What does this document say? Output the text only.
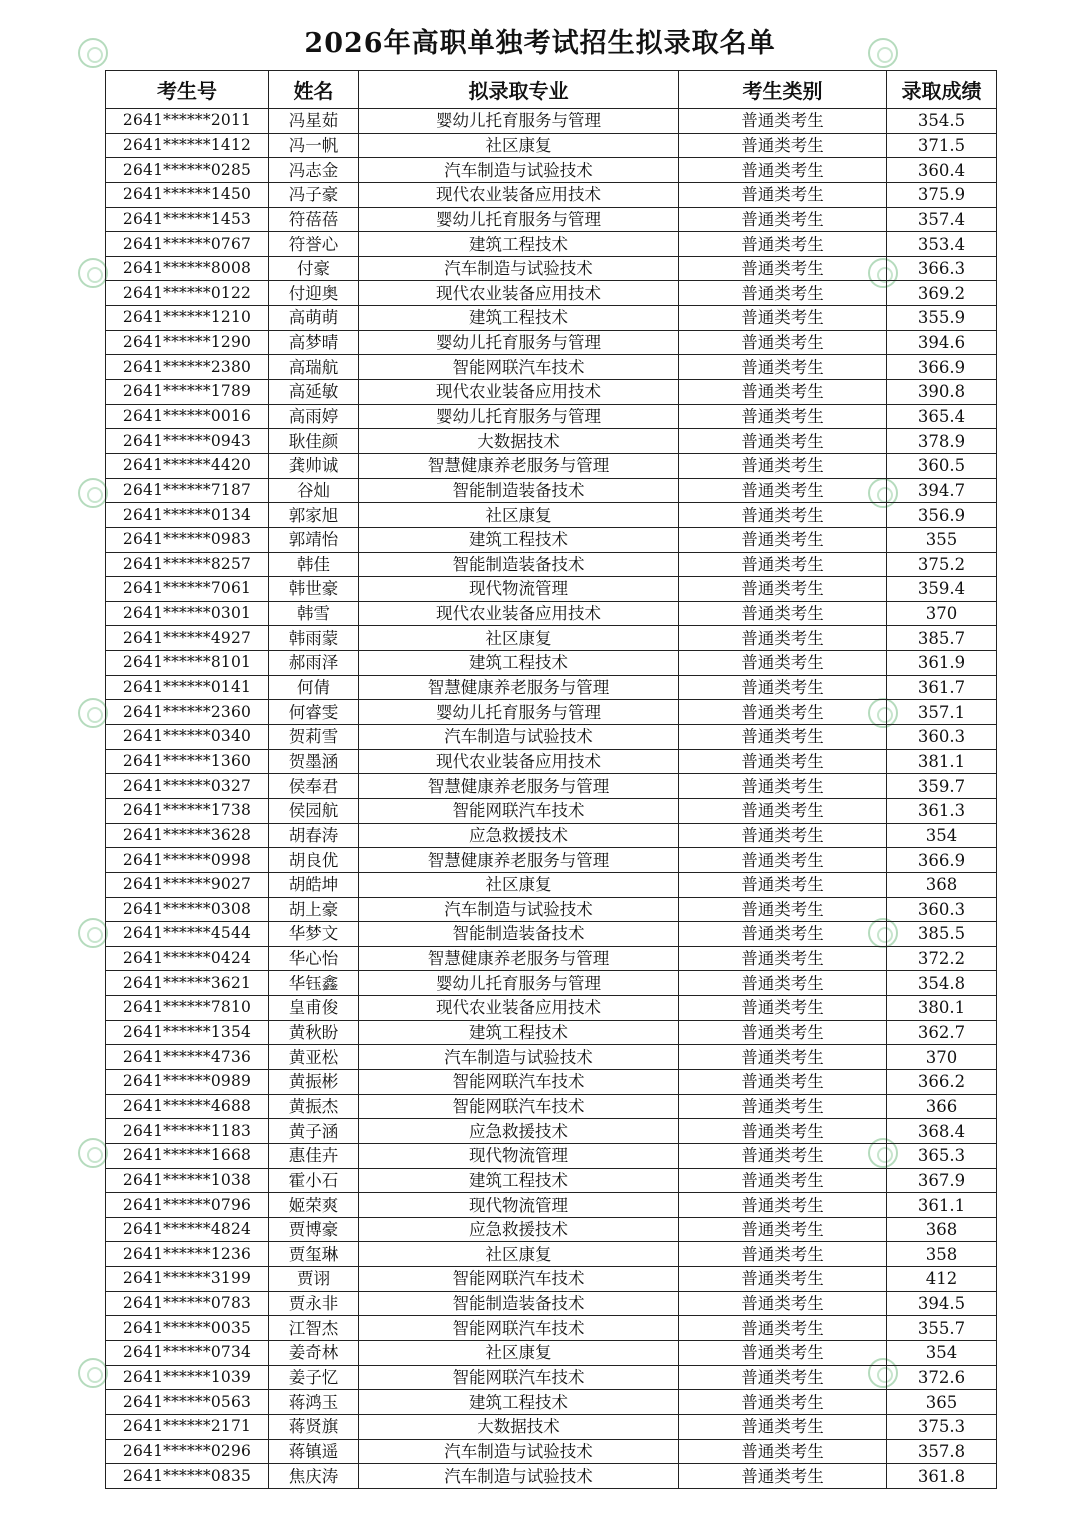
2026年高职单独考试招生拟录取名单
考生号	姓名	拟录取专业	考生类别	录取成绩
2641******2011	冯星茹	婴幼儿托育服务与管理	普通类考生	354.5
2641******1412	冯一帆	社区康复	普通类考生	371.5
2641******0285	冯志金	汽车制造与试验技术	普通类考生	360.4
2641******1450	冯子豪	现代农业装备应用技术	普通类考生	375.9
2641******1453	符蓓蓓	婴幼儿托育服务与管理	普通类考生	357.4
2641******0767	符誉心	建筑工程技术	普通类考生	353.4
2641******8008	付豪	汽车制造与试验技术	普通类考生	366.3
2641******0122	付迎奥	现代农业装备应用技术	普通类考生	369.2
2641******1210	高萌萌	建筑工程技术	普通类考生	355.9
2641******1290	高梦晴	婴幼儿托育服务与管理	普通类考生	394.6
2641******2380	高瑞航	智能网联汽车技术	普通类考生	366.9
2641******1789	高延敏	现代农业装备应用技术	普通类考生	390.8
2641******0016	高雨婷	婴幼儿托育服务与管理	普通类考生	365.4
2641******0943	耿佳颜	大数据技术	普通类考生	378.9
2641******4420	龚帅诚	智慧健康养老服务与管理	普通类考生	360.5
2641******7187	谷灿	智能制造装备技术	普通类考生	394.7
2641******0134	郭家旭	社区康复	普通类考生	356.9
2641******0983	郭靖怡	建筑工程技术	普通类考生	355
2641******8257	韩佳	智能制造装备技术	普通类考生	375.2
2641******7061	韩世豪	现代物流管理	普通类考生	359.4
2641******0301	韩雪	现代农业装备应用技术	普通类考生	370
2641******4927	韩雨蒙	社区康复	普通类考生	385.7
2641******8101	郝雨泽	建筑工程技术	普通类考生	361.9
2641******0141	何倩	智慧健康养老服务与管理	普通类考生	361.7
2641******2360	何睿雯	婴幼儿托育服务与管理	普通类考生	357.1
2641******0340	贺莉雪	汽车制造与试验技术	普通类考生	360.3
2641******1360	贺墨涵	现代农业装备应用技术	普通类考生	381.1
2641******0327	侯奉君	智慧健康养老服务与管理	普通类考生	359.7
2641******1738	侯园航	智能网联汽车技术	普通类考生	361.3
2641******3628	胡春涛	应急救援技术	普通类考生	354
2641******0998	胡良优	智慧健康养老服务与管理	普通类考生	366.9
2641******9027	胡皓坤	社区康复	普通类考生	368
2641******0308	胡上豪	汽车制造与试验技术	普通类考生	360.3
2641******4544	华梦文	智能制造装备技术	普通类考生	385.5
2641******0424	华心怡	智慧健康养老服务与管理	普通类考生	372.2
2641******3621	华钰鑫	婴幼儿托育服务与管理	普通类考生	354.8
2641******7810	皇甫俊	现代农业装备应用技术	普通类考生	380.1
2641******1354	黄秋盼	建筑工程技术	普通类考生	362.7
2641******4736	黄亚松	汽车制造与试验技术	普通类考生	370
2641******0989	黄振彬	智能网联汽车技术	普通类考生	366.2
2641******4688	黄振杰	智能网联汽车技术	普通类考生	366
2641******1183	黄子涵	应急救援技术	普通类考生	368.4
2641******1668	惠佳卉	现代物流管理	普通类考生	365.3
2641******1038	霍小石	建筑工程技术	普通类考生	367.9
2641******0796	姬荣爽	现代物流管理	普通类考生	361.1
2641******4824	贾博豪	应急救援技术	普通类考生	368
2641******1236	贾玺琳	社区康复	普通类考生	358
2641******3199	贾诩	智能网联汽车技术	普通类考生	412
2641******0783	贾永非	智能制造装备技术	普通类考生	394.5
2641******0035	江智杰	智能网联汽车技术	普通类考生	355.7
2641******0734	姜奇林	社区康复	普通类考生	354
2641******1039	姜子忆	智能网联汽车技术	普通类考生	372.6
2641******0563	蒋鸿玉	建筑工程技术	普通类考生	365
2641******2171	蒋贤旗	大数据技术	普通类考生	375.3
2641******0296	蒋镇遥	汽车制造与试验技术	普通类考生	357.8
2641******0835	焦庆涛	汽车制造与试验技术	普通类考生	361.8
